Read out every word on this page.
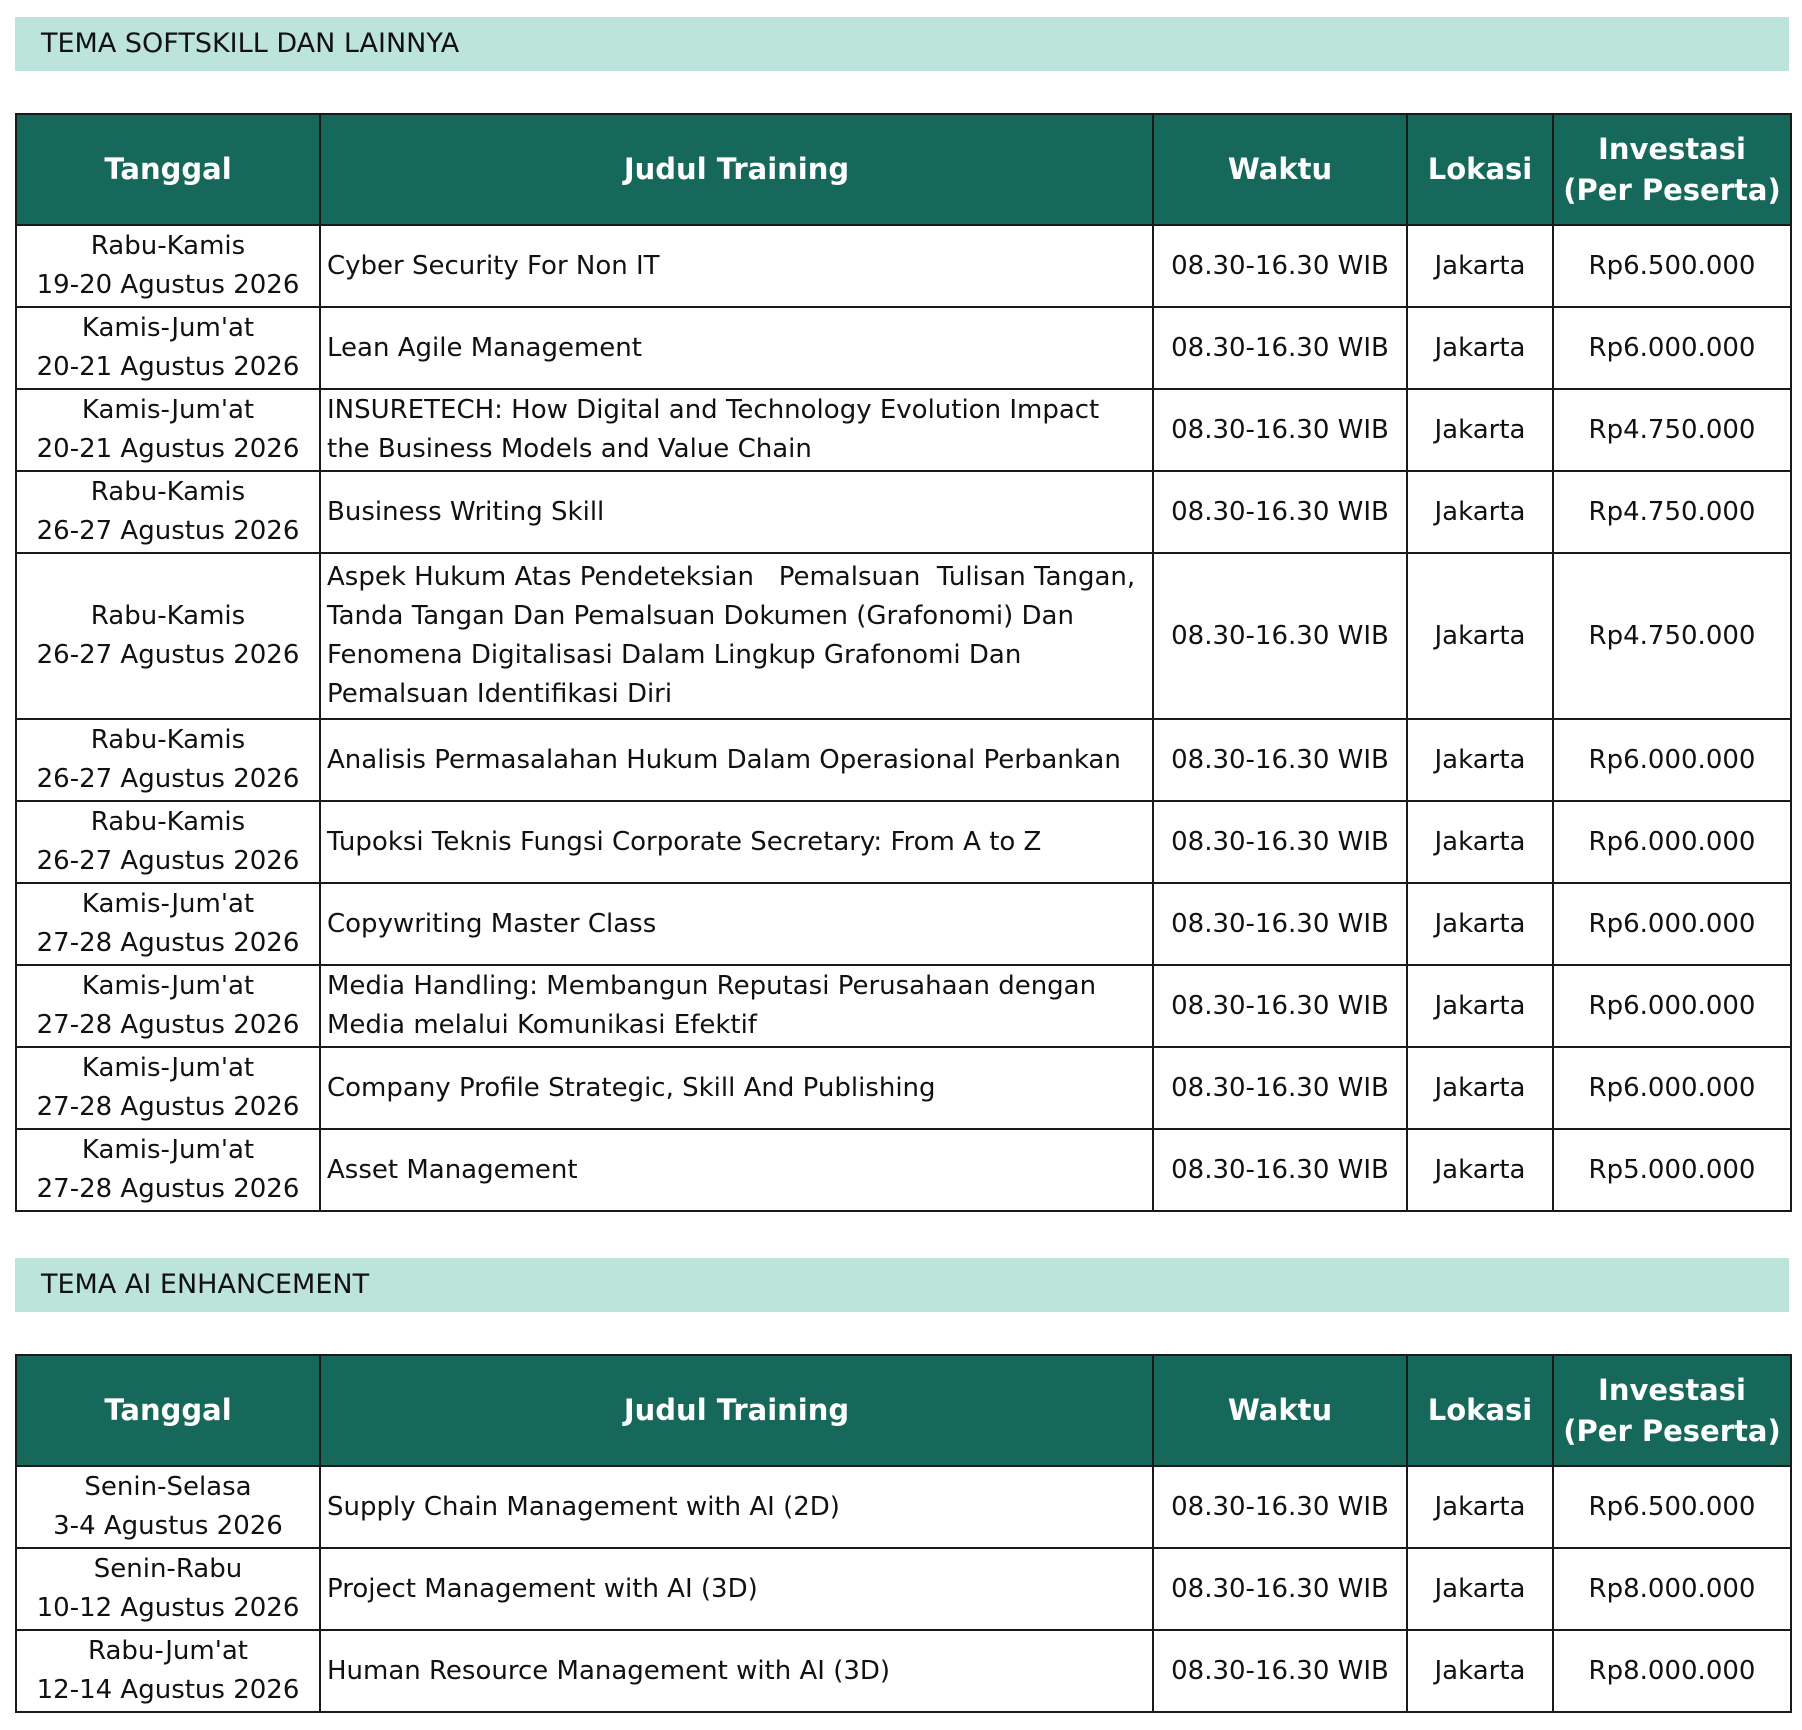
TEMA SOFTSKILL DAN LAINNYA
Tanggal	Judul Training	Waktu	Lokasi	Investasi
(Per Peserta)

Rabu-Kamis
19-20 Agustus 2026	Cyber Security For Non IT	08.30-16.30 WIB	Jakarta	Rp6.500.000

Kamis-Jum'at
20-21 Agustus 2026	Lean Agile Management	08.30-16.30 WIB	Jakarta	Rp6.000.000

Kamis-Jum'at
20-21 Agustus 2026	INSURETECH: How Digital and Technology Evolution Impact
the Business Models and Value Chain	08.30-16.30 WIB	Jakarta	Rp4.750.000

Rabu-Kamis
26-27 Agustus 2026	Business Writing Skill	08.30-16.30 WIB	Jakarta	Rp4.750.000

Rabu-Kamis
26-27 Agustus 2026	Aspek Hukum Atas Pendeteksian   Pemalsuan  Tulisan Tangan,
Tanda Tangan Dan Pemalsuan Dokumen (Grafonomi) Dan
Fenomena Digitalisasi Dalam Lingkup Grafonomi Dan
Pemalsuan Identifikasi Diri	08.30-16.30 WIB	Jakarta	Rp4.750.000

Rabu-Kamis
26-27 Agustus 2026	Analisis Permasalahan Hukum Dalam Operasional Perbankan	08.30-16.30 WIB	Jakarta	Rp6.000.000

Rabu-Kamis
26-27 Agustus 2026	Tupoksi Teknis Fungsi Corporate Secretary: From A to Z	08.30-16.30 WIB	Jakarta	Rp6.000.000

Kamis-Jum'at
27-28 Agustus 2026	Copywriting Master Class	08.30-16.30 WIB	Jakarta	Rp6.000.000

Kamis-Jum'at
27-28 Agustus 2026	Media Handling: Membangun Reputasi Perusahaan dengan
Media melalui Komunikasi Efektif	08.30-16.30 WIB	Jakarta	Rp6.000.000

Kamis-Jum'at
27-28 Agustus 2026	Company Profile Strategic, Skill And Publishing	08.30-16.30 WIB	Jakarta	Rp6.000.000

Kamis-Jum'at
27-28 Agustus 2026	Asset Management	08.30-16.30 WIB	Jakarta	Rp5.000.000
TEMA AI ENHANCEMENT
Tanggal	Judul Training	Waktu	Lokasi	Investasi
(Per Peserta)

Senin-Selasa
3-4 Agustus 2026	Supply Chain Management with AI (2D)	08.30-16.30 WIB	Jakarta	Rp6.500.000

Senin-Rabu
10-12 Agustus 2026	Project Management with AI (3D)	08.30-16.30 WIB	Jakarta	Rp8.000.000

Rabu-Jum'at
12-14 Agustus 2026	Human Resource Management with AI (3D)	08.30-16.30 WIB	Jakarta	Rp8.000.000
